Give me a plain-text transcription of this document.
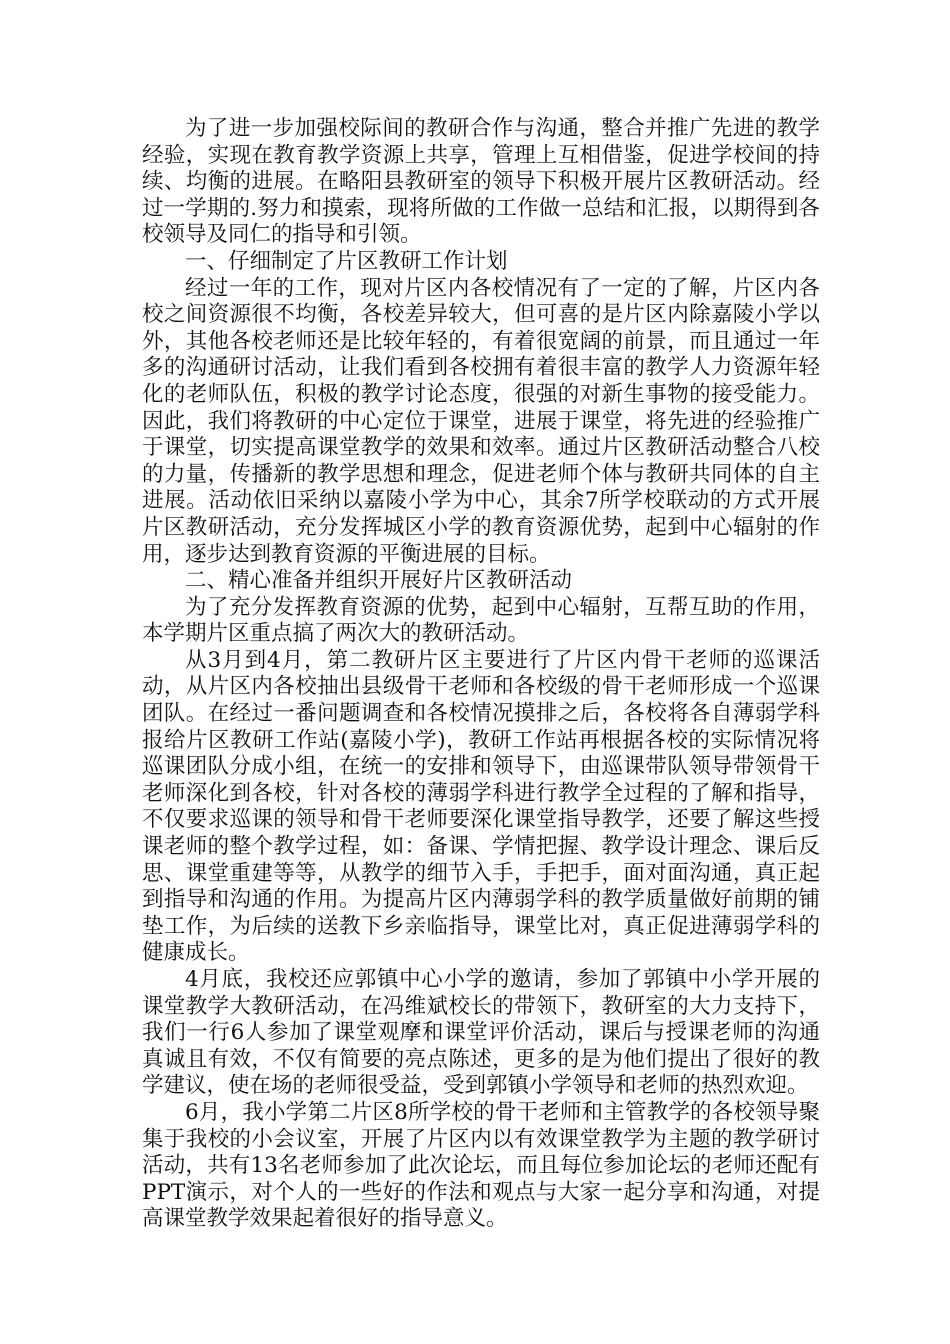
为了进一步加强校际间的教研合作与沟通，整合并推广先进的教学经验，实现在教育教学资源上共享，管理上互相借鉴，促进学校间的持续、均衡的进展。在略阳县教研室的领导下积极开展片区教研活动。经过一学期的.努力和摸索，现将所做的工作做一总结和汇报，以期得到各校领导及同仁的指导和引领。

一、仔细制定了片区教研工作计划

经过一年的工作，现对片区内各校情况有了一定的了解，片区内各校之间资源很不均衡，各校差异较大，但可喜的是片区内除嘉陵小学以外，其他各校老师还是比较年轻的，有着很宽阔的前景，而且通过一年多的沟通研讨活动，让我们看到各校拥有着很丰富的教学人力资源年轻化的老师队伍，积极的教学讨论态度，很强的对新生事物的接受能力。因此，我们将教研的中心定位于课堂，进展于课堂，将先进的经验推广于课堂，切实提高课堂教学的效果和效率。通过片区教研活动整合八校的力量，传播新的教学思想和理念，促进老师个体与教研共同体的自主进展。活动依旧采纳以嘉陵小学为中心，其余7所学校联动的方式开展片区教研活动，充分发挥城区小学的教育资源优势，起到中心辐射的作用，逐步达到教育资源的平衡进展的目标。

二、精心准备并组织开展好片区教研活动

为了充分发挥教育资源的优势，起到中心辐射，互帮互助的作用，本学期片区重点搞了两次大的教研活动。

从3月到4月，第二教研片区主要进行了片区内骨干老师的巡课活动，从片区内各校抽出县级骨干老师和各校级的骨干老师形成一个巡课团队。在经过一番问题调查和各校情况摸排之后，各校将各自薄弱学科报给片区教研工作站(嘉陵小学)，教研工作站再根据各校的实际情况将巡课团队分成小组，在统一的安排和领导下，由巡课带队领导带领骨干老师深化到各校，针对各校的薄弱学科进行教学全过程的了解和指导，不仅要求巡课的领导和骨干老师要深化课堂指导教学，还要了解这些授课老师的整个教学过程，如：备课、学情把握、教学设计理念、课后反思、课堂重建等等，从教学的细节入手，手把手，面对面沟通，真正起到指导和沟通的作用。为提高片区内薄弱学科的教学质量做好前期的铺垫工作，为后续的送教下乡亲临指导，课堂比对，真正促进薄弱学科的健康成长。

4月底，我校还应郭镇中心小学的邀请，参加了郭镇中小学开展的课堂教学大教研活动，在冯维斌校长的带领下，教研室的大力支持下，我们一行6人参加了课堂观摩和课堂评价活动，课后与授课老师的沟通真诚且有效，不仅有简要的亮点陈述，更多的是为他们提出了很好的教学建议，使在场的老师很受益，受到郭镇小学领导和老师的热烈欢迎。

6月，我小学第二片区8所学校的骨干老师和主管教学的各校领导聚集于我校的小会议室，开展了片区内以有效课堂教学为主题的教学研讨活动，共有13名老师参加了此次论坛，而且每位参加论坛的老师还配有PPT演示，对个人的一些好的作法和观点与大家一起分享和沟通，对提高课堂教学效果起着很好的指导意义。
